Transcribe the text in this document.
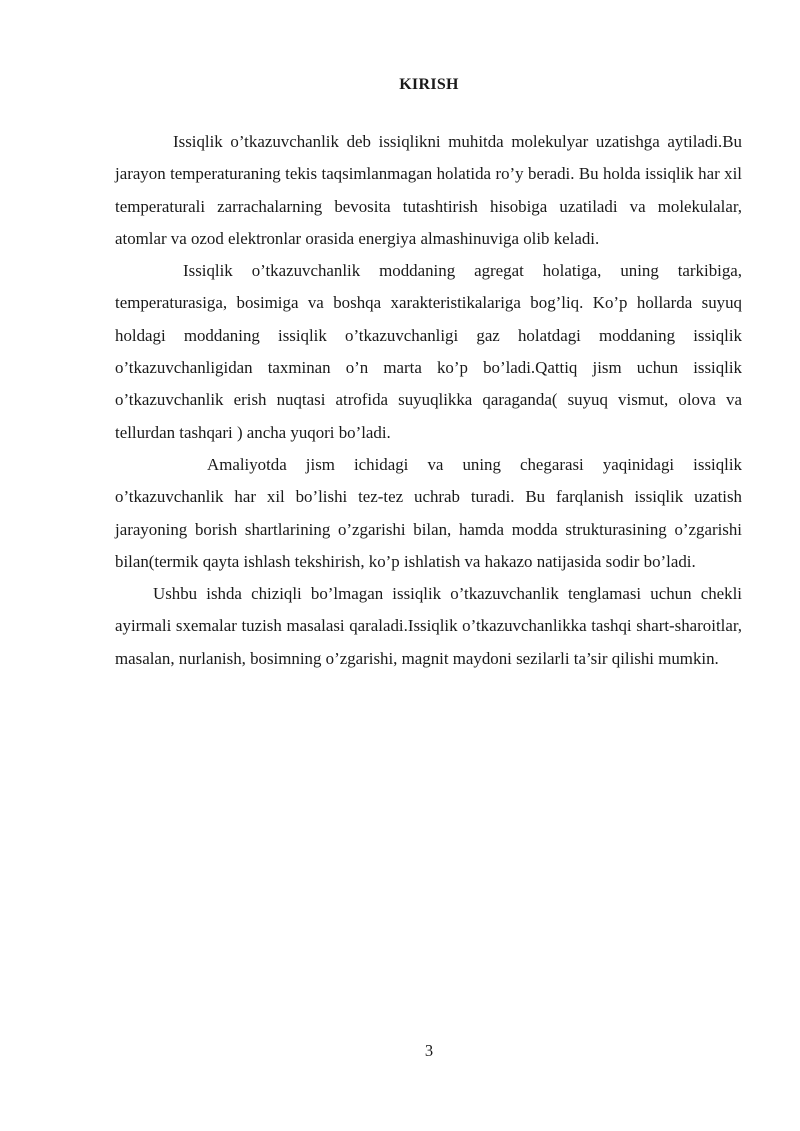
KIRISH

Issiqlik o’tkazuvchanlik deb issiqlikni muhitda molekulyar uzatishga aytiladi.Bu jarayon temperaturaning tekis taqsimlanmagan holatida ro’y beradi. Bu holda issiqlik har xil temperaturali zarrachalarning bevosita tutashtirish hisobiga uzatiladi va molekulalar, atomlar va ozod elektronlar orasida energiya almashinuviga olib keladi.

Issiqlik o’tkazuvchanlik moddaning agregat holatiga, uning tarkibiga, temperaturasiga, bosimiga va boshqa xarakteristikalariga bog’liq. Ko’p hollarda suyuq holdagi moddaning issiqlik o’tkazuvchanligi gaz holatdagi moddaning issiqlik o’tkazuvchanligidan taxminan o’n marta ko’p bo’ladi.Qattiq jism uchun issiqlik o’tkazuvchanlik erish nuqtasi atrofida suyuqlikka qaraganda( suyuq vismut, olova va tellurdan tashqari ) ancha yuqori bo’ladi.

Amaliyotda jism ichidagi va uning chegarasi yaqinidagi issiqlik o’tkazuvchanlik har xil bo’lishi tez-tez uchrab turadi. Bu farqlanish issiqlik uzatish jarayoning borish shartlarining o’zgarishi bilan, hamda modda strukturasining o’zgarishi bilan(termik qayta ishlash tekshirish, ko’p ishlatish va hakazo natijasida sodir bo’ladi.

Ushbu ishda chiziqli bo’lmagan issiqlik o’tkazuvchanlik tenglamasi uchun chekli ayirmali sxemalar tuzish masalasi qaraladi.Issiqlik o’tkazuvchanlikka tashqi shart-sharoitlar, masalan, nurlanish, bosimning o’zgarishi, magnit maydoni sezilarli ta’sir qilishi mumkin.

3
